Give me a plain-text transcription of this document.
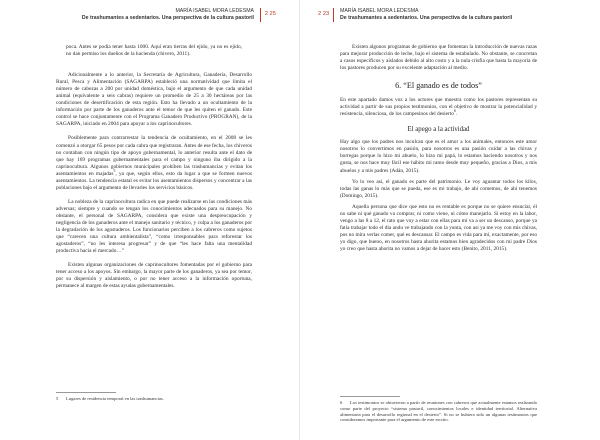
MARÍA ISABEL MORA LEDESMA
De trashumantes a sedentarios. Una perspectiva de la cultura pastoril
2 25

poca. Antes se podía tener hasta 1000. Aquí eran tierras del ejido, ya no es ejido, no dan permiso los dueños de la hacienda (chivero, 2011).

Adicionalmente a lo anterior, la Secretaría de Agricultura, Ganadería, Desarrollo Rural, Pesca y Alimentación (SAGARPA) estableció una normatividad que limita el número de cabezas a 200 por unidad doméstica, bajo el argumento de que cada unidad animal (equivalente a seis cabras) requiere un promedio de 25 a 30 hectáreas por las condiciones de desertificación de esta región. Esto ha llevado a un ocultamiento de la información por parte de los ganaderos ante el temor de que les quiten el ganado. Este control se hace conjuntamente con el Programa Ganadero Productivo (PROGRAN), de la SAGARPA, iniciado en 2004 para apoyar a los caprinocultores.

Posiblemente para contrarrestar la tendencia de ocultamiento, en el 2008 se les comenzó a otorgar 65 pesos por cada cabra que registraran. Antes de ese fecha, los chiveros no contaban con ningún tipo de apoyo gubernamental, lo anterior resulta ante el dato de que hay 169 programas gubernamentales para el campo y ninguno iba dirigido a la caprinocultura. Algunos gobiernos municipales prohíben las trashumancias y evitan los asentamientos en majadas$^5$, ya que, según ellos, esto da lugar a que se formen nuevos asentamientos. La tendencia estatal es evitar los asentamientos dispersos y concentrar a las poblaciones bajo el argumento de llevarles los servicios básicos.

La nobleza de la caprinocultura radica en que puede realizarse en las condiciones más adversas; siempre y cuando se tengan los conocimientos adecuados para su manejo. No obstante, el personal de SAGARPA, considera que existe una despreocupación y negligencia de los ganaderos ante el manejo sanitario y técnico, y culpa a los ganaderos por la degradación de los agostaderos. Los funcionarios perciben a los cabreros como sujetos que “carecen una cultura ambientalista”, “como irresponsables para reforestar los agostaderos”, “no les interesa progresar” y de que “les hace falta una mentalidad productiva hacia el mercado…”

Existen algunas organizaciones de caprinocultores fomentadas por el gobierno para tener acceso a los apoyos. Sin embargo, la mayor parte de los ganaderos, ya sea por temor, por su dispersión y aislamiento, o por no tener acceso a la información oportuna, permanece al margen de estas ayudas gubernamentales.

5 Lugares de residencia temporal en las trashumancias.
2 23 MARÍA ISABEL MORA LEDESMA
De trashumantes a sedentarios. Una perspectiva de la cultura pastoril

Existen algunos programas de gobierno que fomentan la introducción de nuevas razas para mejorar producción de leche, bajo el sistema de estabulado. No obstante, se concretan a casos específicos y aislados debido al alto costo y a la nula crisfía que hasta la mayoría de los pastores producen por su excelente adaptación al medio.

6. “El ganado es de todos”

En este apartado damos voz a los actores que muestra como los pastores representan su actividad a partir de sus propios testimonios, con el objetivo de mostrar la potencialidad y resistencia, silenciosa, de los campesinos del desierto$^6$.

El apego a la actividad

Hay algo que los padres nos inculcan que es el amor a los animales, entonces este amor nosotros lo convertimos en pasión, para nosotros es una pasión cuidar a las chivas y borregas porque lo hizo mi abuelo, lo hizo mi papá, lo estamos haciendo nosotros y nos gusta, se nos hace muy fácil ese hábito mi ramo desde muy pequeño, gracias a Dios, a mis abuelos y a mis padres (Adán, 2015).

Yo lo veo así, el ganado es parte del patrimonio. Le voy aguantar todos los kilos, todas las ganas lo más que se pueda, ese es mi trabajo, de ahí comemos, de ahí tenemos (Domingo, 2015).

Aquella persona que dice que esto no es rentable es porque no se quiere ensuciar, él no sabe ni qué ganado va comprar, ni como viene, ni cómo manejarlo. Si estoy en la labor, vengo a las 8 a 12, el rato que voy a estar con ellas para mí va a ser un descanso, porque ya fatia trabajar todo el día andu ve trabajando con la yunta, con así ya me voy con mis chivas, pos no mira verlas comer, qué es descansar. El campo es vida para mí, exactamente, por eso yo digo, que bueno, en nosotros hasta ahorita estamos bien agradecidos con mi padre Dios yo creo que hasta ahorita no vamos a dejar de hacer esto (Benito, 2011, 2015).

6 Los testimonios se obtuvieron a partir de reuniones con cabreros que actualmente estamos realizando como parte del proyecto “sistema pastoril, conocimientos locales e identidad territorial. Alternativa alimentaria para el desarrollo regional en el desierto”. Si no se hubiera sido un algunas testimonios que consideramos importante para el argumento de este escrito.
